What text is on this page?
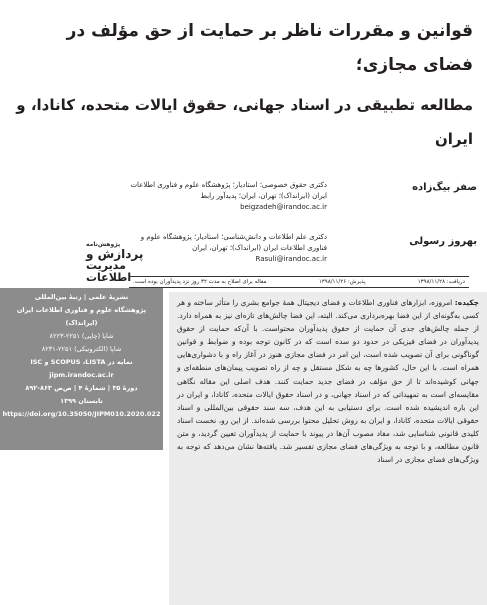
قوانین و مقررات ناظر بر حمایت از حق مؤلف در فضای مجازی؛
مطالعه تطبیقی در اسناد جهانی، حقوق ایالات متحده، کانادا، و ایران
صفر بیگ‌زاده
دکتری حقوق خصوصی؛ استادیار؛ پژوهشگاه علوم و فناوری اطلاعات ایران (ایرانداک)؛ تهران، ایران؛ پدیدآور رابط
beigzadeh@irandoc.ac.ir
بهروز رسولی
دکتری علم اطلاعات و دانش‌شناسی؛ استادیار؛ پژوهشگاه علوم و فناوری اطلاعات ایران (ایرانداک)؛ تهران، ایران
Rasuli@irandoc.ac.ir
پژوهش‌نامه
پردازش و
مدیریت
اطلاعات	دریافت: ۱۳۹۸/۱۱/۲۸
پذیرش: ۱۳۹۸/۱۱/۲۶
مقاله برای اصلاح به مدت ۳۲ روز نزد پدیدآوران بوده است.
نشریهٔ علمی | رتبهٔ بین‌المللی
پژوهشگاه علوم و فناوری اطلاعات ایران
(ایرانداک)
شاپا (چاپی) ۲۲۵۱-۸۲۲۳
شاپا (الکترونیکی) ۲۲۵۱-۸۲۳۱
نمایه در SCOPUS ،LISTA و ISC
jipm.irandoc.ac.ir
دورهٔ ۳۵ | شمارهٔ ۴ | ص‌ص ۸۶۳-۸۹۲
تابستان ۱۳۹۹
https://doi.org/10.35050/JIPM010.2020.022
چکیده: امروزه، ابزارهای فناوری اطلاعات و فضای دیجیتال همهٔ جوامع بشری را متأثر ساخته و هر کسی به‌گونه‌ای از این فضا بهره‌برداری می‌کند. البته، این فضا چالش‌های تازه‌ای نیز به همراه دارد. از جمله چالش‌های جدی آن حمایت از حقوق پدیدآوران محتواست. با آن‌که حمایت از حقوق پدیدآوران در فضای فیزیکی در حدود دو سده است که در کانون توجه بوده و ضوابط و قوانین گوناگونی برای آن تصویب شده است، این امر در فضای مجازی هنوز در آغاز راه و با دشواری‌هایی همراه است. با این حال، کشورها چه به شکل مستقل و چه از راه تصویب پیمان‌های منطقه‌ای و جهانی کوشیده‌اند تا از حق مؤلف در فضای جدید حمایت کنند. هدف اصلی این مقاله نگاهی مقایسه‌ای است به تمهیداتی که در اسناد جهانی، و در اسناد حقوق ایالات متحده، کانادا، و ایران در این باره اندیشیده شده است. برای دستیابی به این هدف، سه سند حقوقی بین‌المللی و اسناد حقوقی ایالات متحده، کانادا، و ایران به روش تحلیل محتوا بررسی شده‌اند. از این رو، نخست اسناد کلیدی قانونی شناسایی شد، مفاد مصوب آن‌ها در پیوند با حمایت از پدیدآوران تعیین گردید، و متن قانون مطالعه، و با توجه به ویژگی‌های فضای مجازی تفسیر شد. یافته‌ها نشان می‌دهد که توجه به ویژگی‌های فضای مجازی در اسناد
